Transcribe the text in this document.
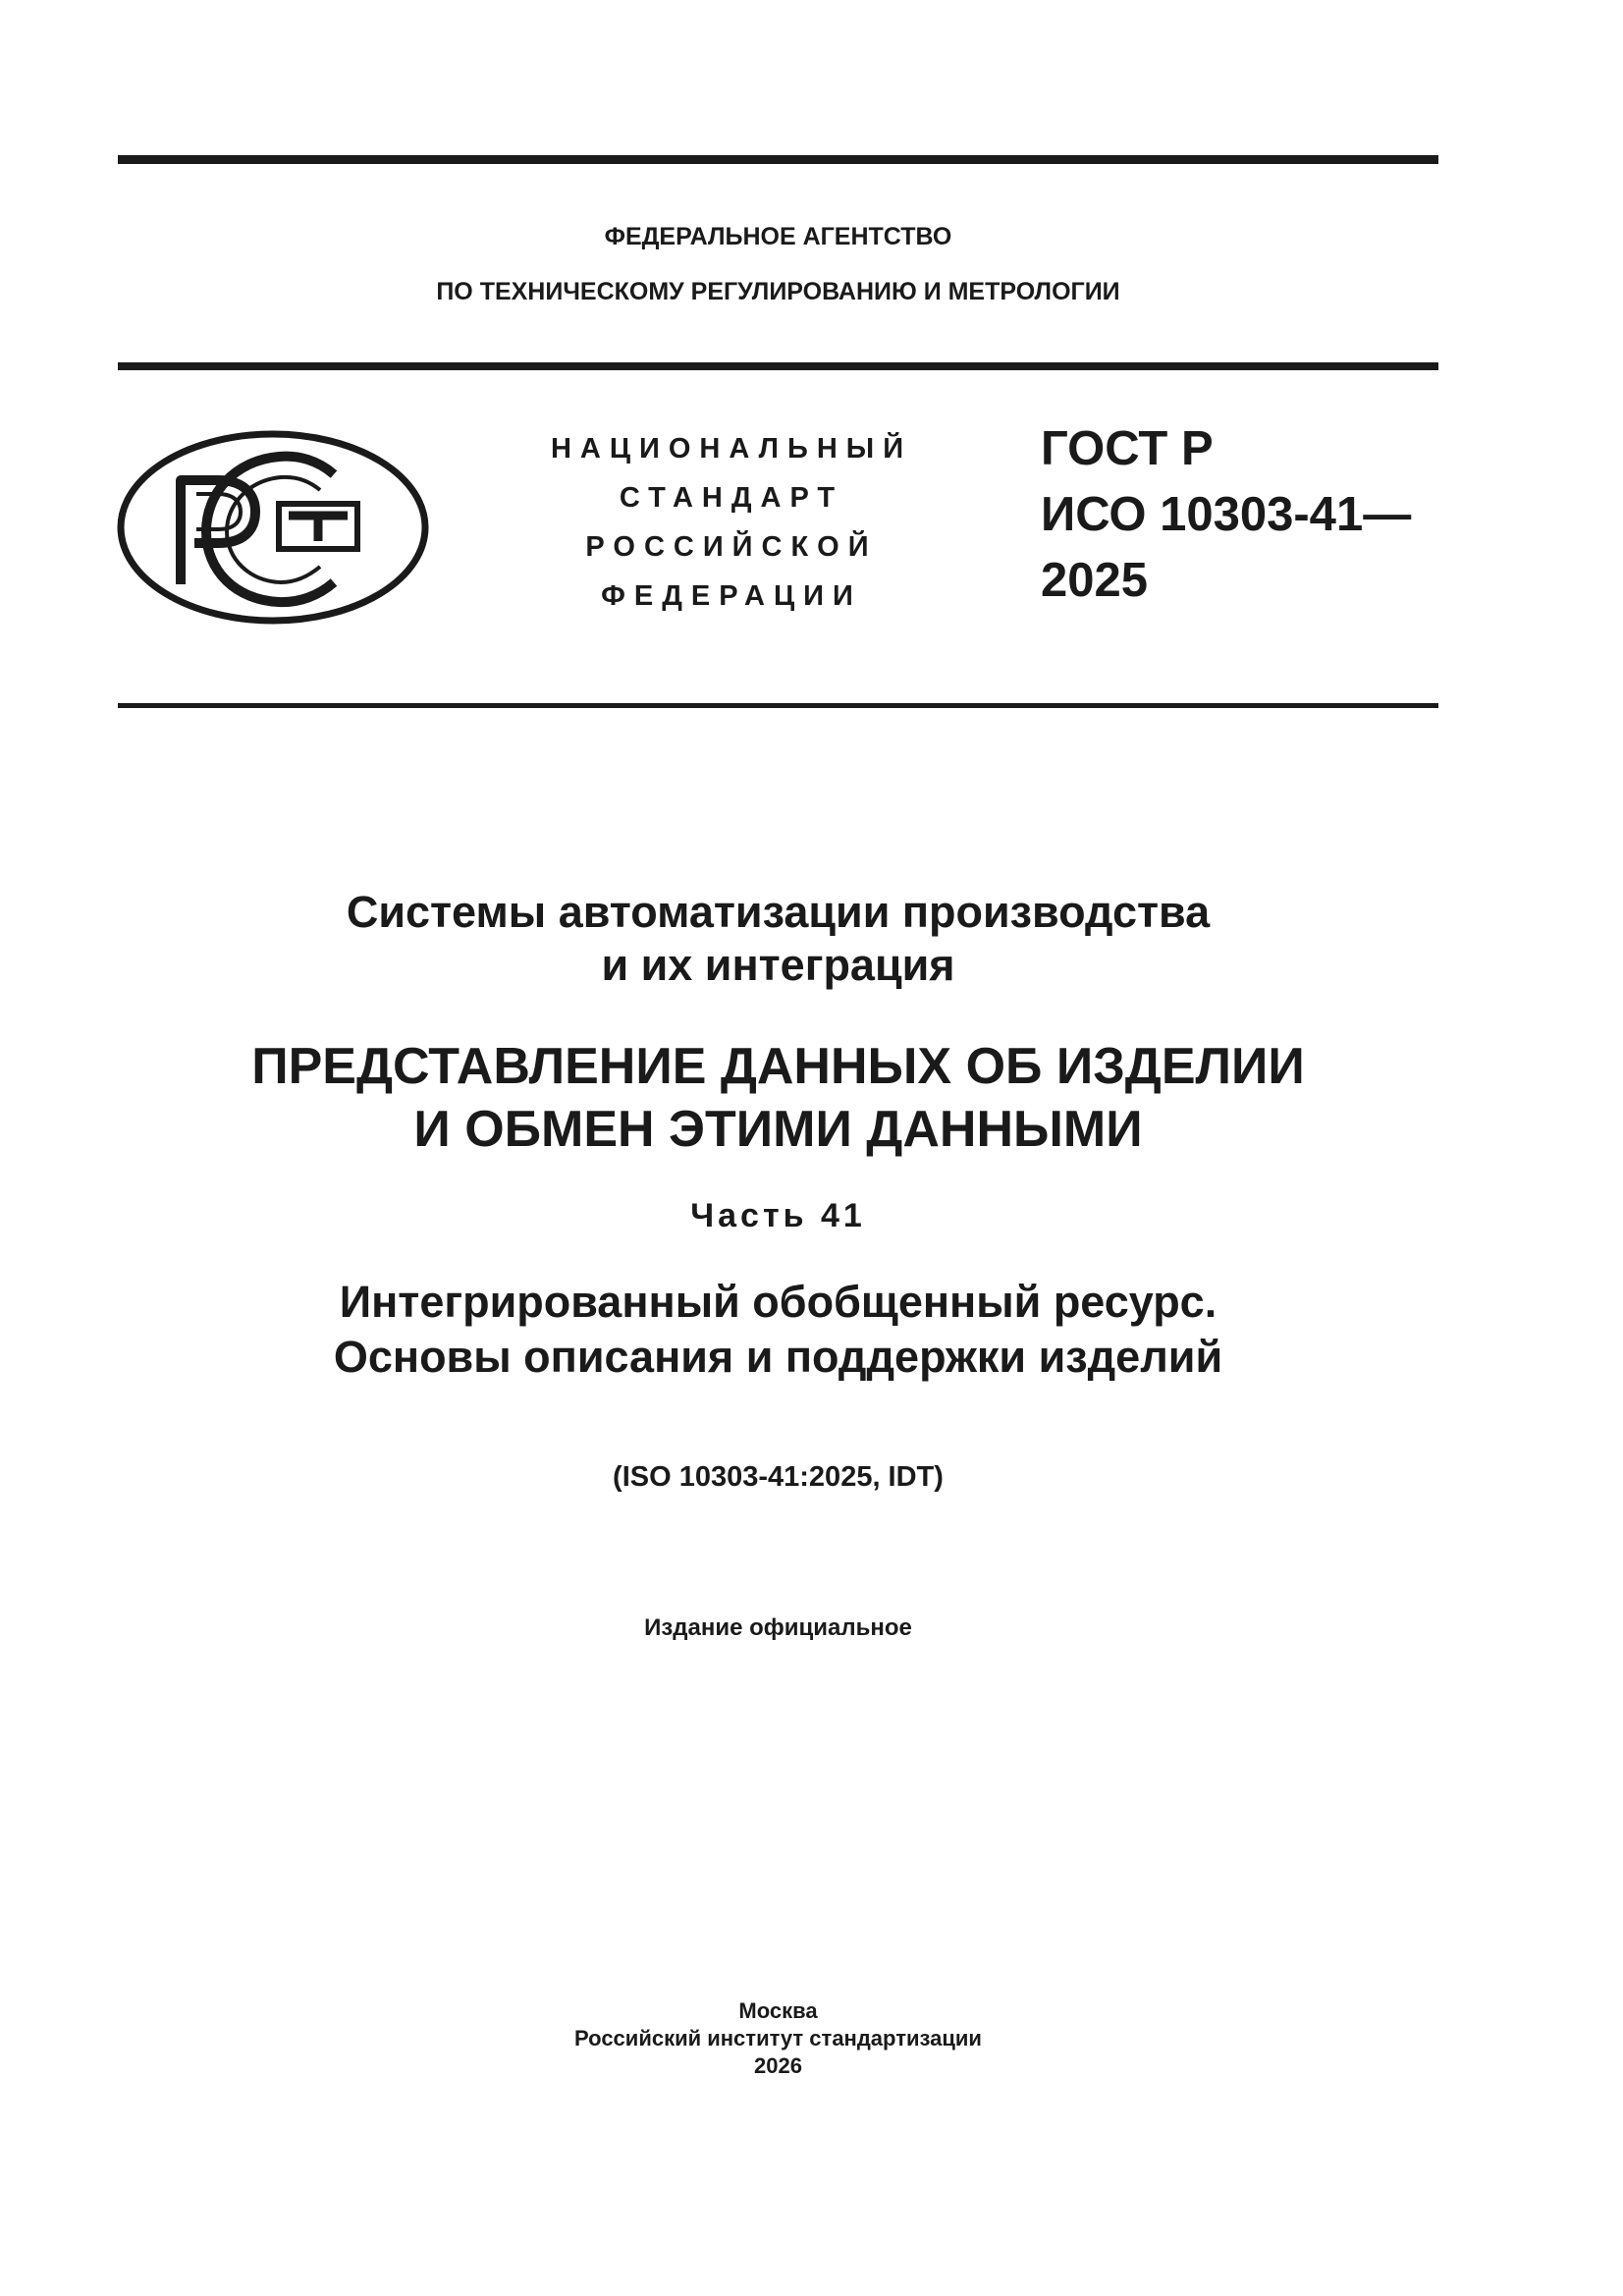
ФЕДЕРАЛЬНОЕ АГЕНТСТВО
ПО ТЕХНИЧЕСКОМУ РЕГУЛИРОВАНИЮ И МЕТРОЛОГИИ
НАЦИОНАЛЬНЫЙ
СТАНДАРТ
РОССИЙСКОЙ
ФЕДЕРАЦИИ
ГОСТ Р
ИСО 10303-41—
2025
Системы автоматизации производства
и их интеграция
ПРЕДСТАВЛЕНИЕ ДАННЫХ ОБ ИЗДЕЛИИ
И ОБМЕН ЭТИМИ ДАННЫМИ
Часть 41
Интегрированный обобщенный ресурс.
Основы описания и поддержки изделий
(ISO 10303-41:2025, IDT)
Издание официальное
Москва
Российский институт стандартизации
2026
